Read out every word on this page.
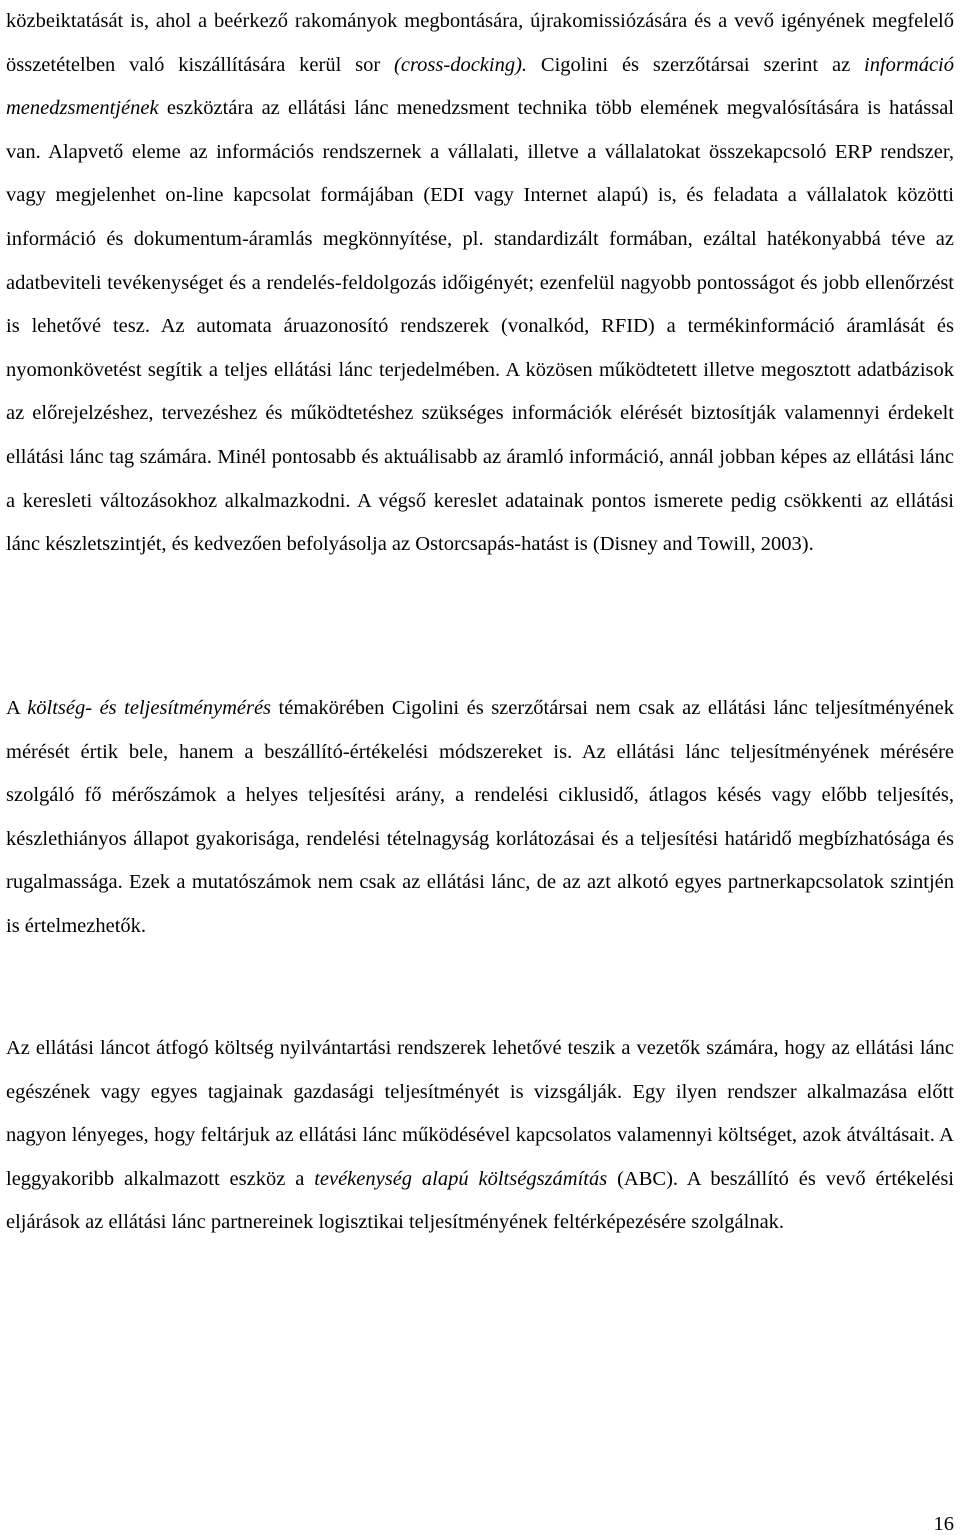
közbeiktatását is, ahol a beérkező rakományok megbontására, újrakomissiózására és a vevő igényének megfelelő összetételben való kiszállítására kerül sor (cross-docking). Cigolini és szerzőtársai szerint az információ menedzsmentjének eszköztára az ellátási lánc menedzsment technika több elemének megvalósítására is hatással van. Alapvető eleme az információs rendszernek a vállalati, illetve a vállalatokat összekapcsoló ERP rendszer, vagy megjelenhet on-line kapcsolat formájában (EDI vagy Internet alapú) is, és feladata a vállalatok közötti információ és dokumentum-áramlás megkönnyítése, pl. standardizált formában, ezáltal hatékonyabbá téve az adatbeviteli tevékenységet és a rendelés-feldolgozás időigényét; ezenfelül nagyobb pontosságot és jobb ellenőrzést is lehetővé tesz. Az automata áruazonosító rendszerek (vonalkód, RFID) a termékinformáció áramlását és nyomonkövetést segítik a teljes ellátási lánc terjedelmében. A közösen működtetett illetve megosztott adatbázisok az előrejelzéshez, tervezéshez és működtetéshez szükséges információk elérését biztosítják valamennyi érdekelt ellátási lánc tag számára. Minél pontosabb és aktuálisabb az áramló információ, annál jobban képes az ellátási lánc a keresleti változásokhoz alkalmazkodni. A végső kereslet adatainak pontos ismerete pedig csökkenti az ellátási lánc készletszintjét, és kedvezően befolyásolja az Ostorcsapás-hatást is (Disney and Towill, 2003).

A költség- és teljesítménymérés témakörében Cigolini és szerzőtársai nem csak az ellátási lánc teljesítményének mérését értik bele, hanem a beszállító-értékelési módszereket is. Az ellátási lánc teljesítményének mérésére szolgáló fő mérőszámok a helyes teljesítési arány, a rendelési ciklusidő, átlagos késés vagy előbb teljesítés, készlethiányos állapot gyakorisága, rendelési tételnagyság korlátozásai és a teljesítési határidő megbízhatósága és rugalmassága. Ezek a mutatószámok nem csak az ellátási lánc, de az azt alkotó egyes partnerkapcsolatok szintjén is értelmezhetők.

Az ellátási láncot átfogó költség nyilvántartási rendszerek lehetővé teszik a vezetők számára, hogy az ellátási lánc egészének vagy egyes tagjainak gazdasági teljesítményét is vizsgálják. Egy ilyen rendszer alkalmazása előtt nagyon lényeges, hogy feltárjuk az ellátási lánc működésével kapcsolatos valamennyi költséget, azok átváltásait. A leggyakoribb alkalmazott eszköz a tevékenység alapú költségszámítás (ABC). A beszállító és vevő értékelési eljárások az ellátási lánc partnereinek logisztikai teljesítményének feltérképezésére szolgálnak.

16
